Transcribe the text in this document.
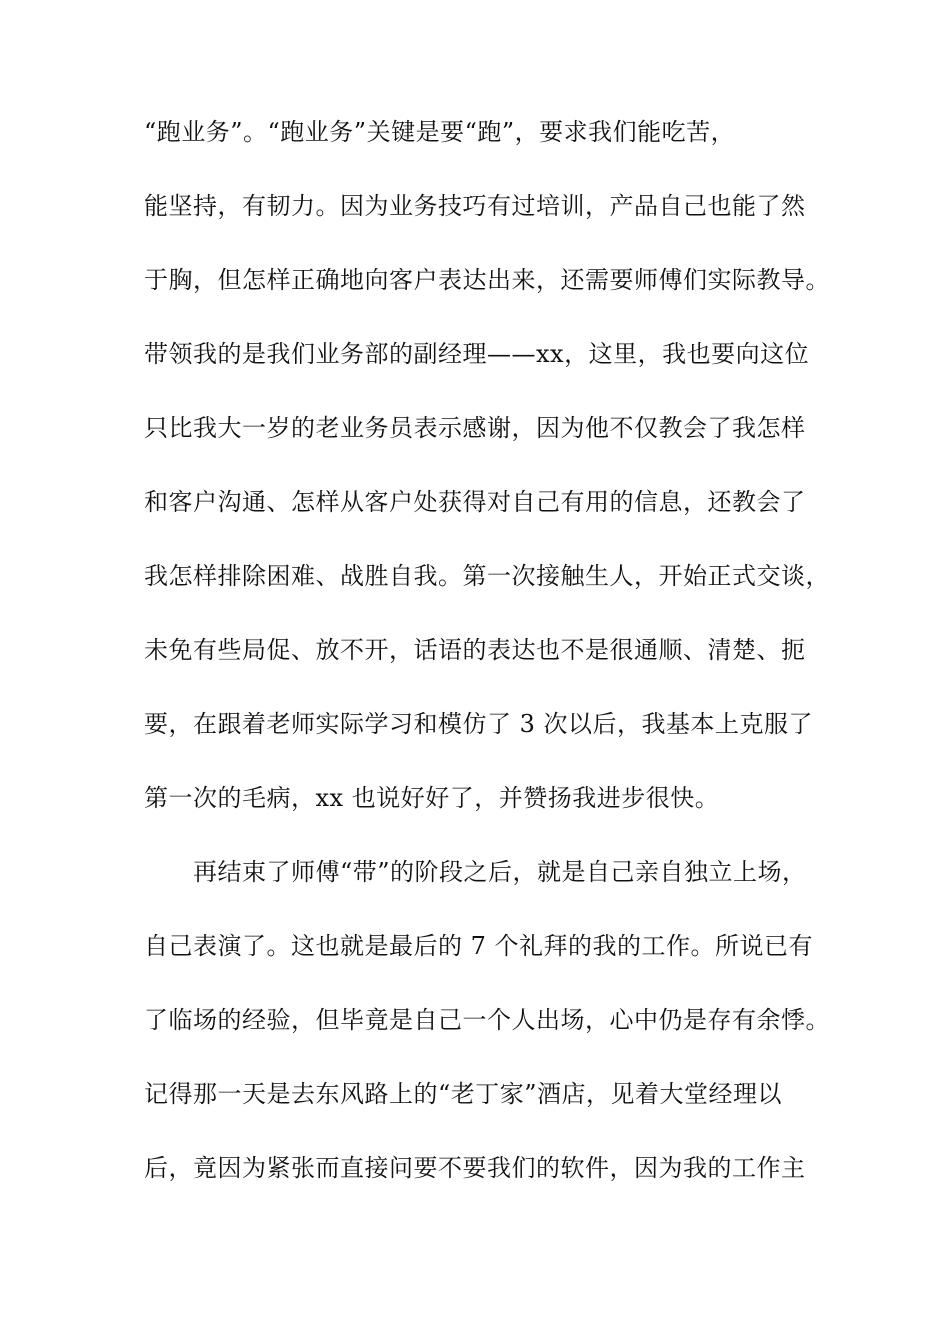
“跑业务”。“跑业务”关键是要“跑”，要求我们能吃苦，
能坚持，有韧力。因为业务技巧有过培训，产品自己也能了然
于胸，但怎样正确地向客户表达出来，还需要师傅们实际教导。
带领我的是我们业务部的副经理——xx，这里，我也要向这位
只比我大一岁的老业务员表示感谢，因为他不仅教会了我怎样
和客户沟通、怎样从客户处获得对自己有用的信息，还教会了
我怎样排除困难、战胜自我。第一次接触生人，开始正式交谈，
未免有些局促、放不开，话语的表达也不是很通顺、清楚、扼
要，在跟着老师实际学习和模仿了 3 次以后，我基本上克服了
第一次的毛病，xx 也说好好了，并赞扬我进步很快。
　　再结束了师傅“带”的阶段之后，就是自己亲自独立上场，
自己表演了。这也就是最后的 7 个礼拜的我的工作。所说已有
了临场的经验，但毕竟是自己一个人出场，心中仍是存有余悸。
记得那一天是去东风路上的“老丁家”酒店，见着大堂经理以
后，竟因为紧张而直接问要不要我们的软件，因为我的工作主
